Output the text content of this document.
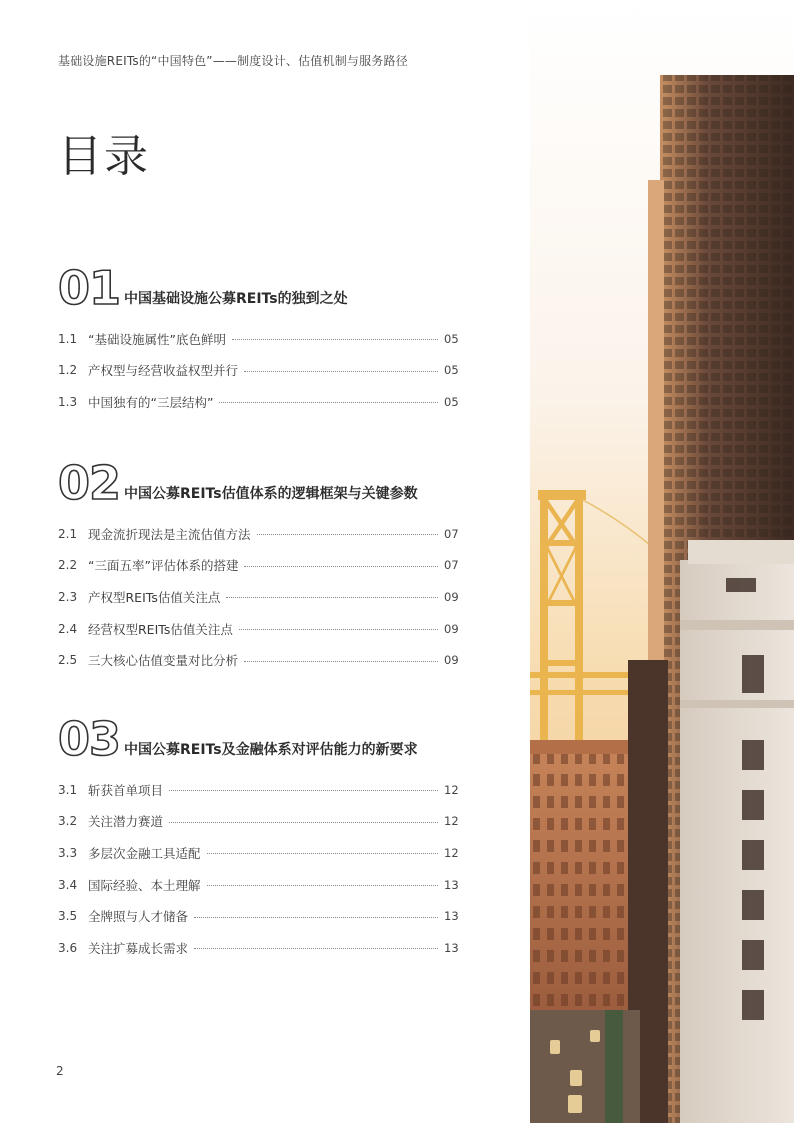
基础设施REITs的“中国特色”——制度设计、估值机制与服务路径
目录
01 中国基础设施公募REITs的独到之处
1.1 “基础设施属性”底色鲜明	05
1.2 产权型与经营收益权型并行	05
1.3 中国独有的“三层结构”	05
02 中国公募REITs估值体系的逻辑框架与关键参数
2.1 现金流折现法是主流估值方法	07
2.2 “三面五率”评估体系的搭建	07
2.3 产权型REITs估值关注点	09
2.4 经营权型REITs估值关注点	09
2.5 三大核心估值变量对比分析	09
03 中国公募REITs及金融体系对评估能力的新要求
3.1 斩获首单项目	12
3.2 关注潜力赛道	12
3.3 多层次金融工具适配	12
3.4 国际经验、本土理解	13
3.5 全牌照与人才储备	13
3.6 关注扩募成长需求	13
2
